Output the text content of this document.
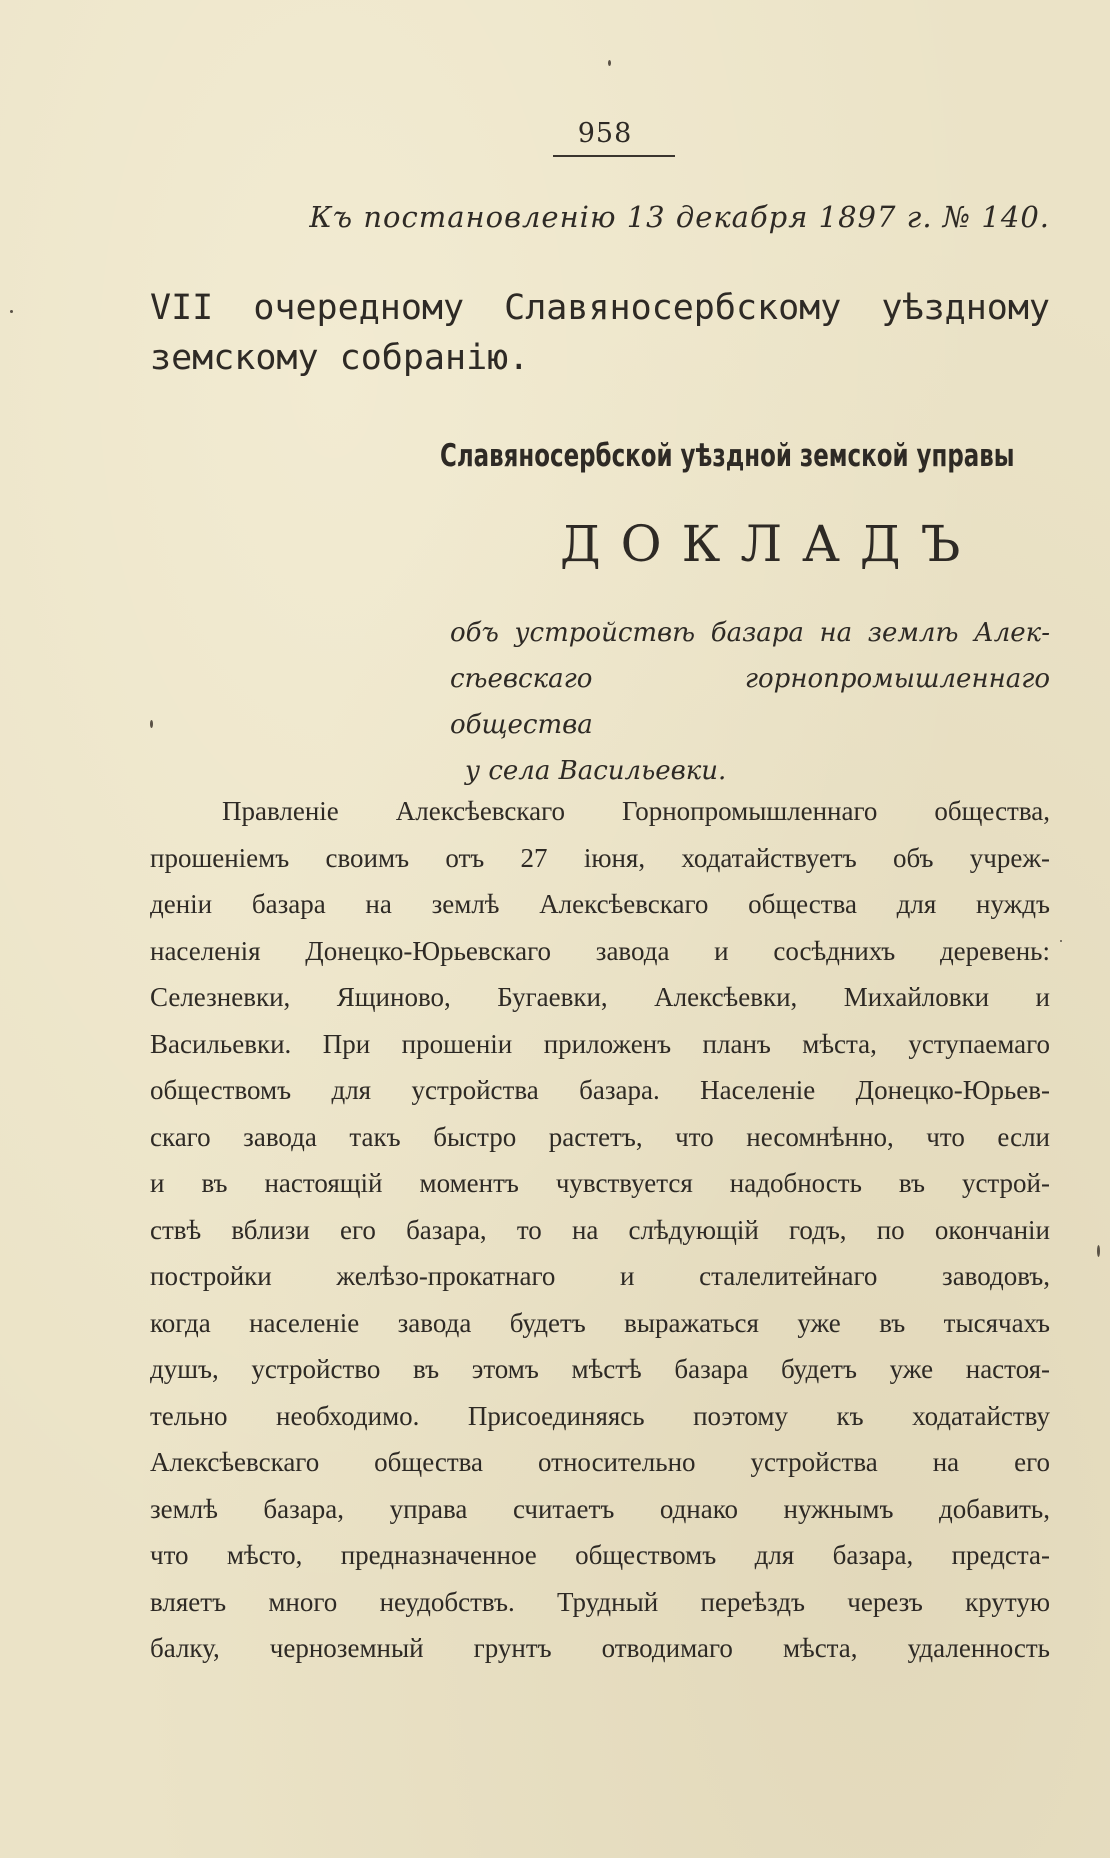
958
Къ постановленію 13 декабря 1897 г. № 140.
VII очередному Славяносербскому уѣздному
земскому собранію.
Славяносербской уѣздной земской управы
ДОКЛАДЪ
объ устройствѣ базара на землѣ Алек-
сѣевскаго горнопромышленнаго общества
у села Васильевки.
Правленіе Алексѣевскаго Горнопромышленнаго общества,
прошеніемъ своимъ отъ 27 іюня, ходатайствуетъ объ учреж-
деніи базара на землѣ Алексѣевскаго общества для нуждъ
населенія Донецко-Юрьевскаго завода и сосѣднихъ деревень:
Селезневки, Ящиново, Бугаевки, Алексѣевки, Михайловки и
Васильевки. При прошеніи приложенъ планъ мѣста, уступаемаго
обществомъ для устройства базара. Населеніе Донецко-Юрьев-
скаго завода такъ быстро растетъ, что несомнѣнно, что если
и въ настоящій моментъ чувствуется надобность въ устрой-
ствѣ вблизи его базара, то на слѣдующій годъ, по окончаніи
постройки желѣзо-прокатнаго и сталелитейнаго заводовъ,
когда населеніе завода будетъ выражаться уже въ тысячахъ
душъ, устройство въ этомъ мѣстѣ базара будетъ уже настоя-
тельно необходимо. Присоединяясь поэтому къ ходатайству
Алексѣевскаго общества относительно устройства на его
землѣ базара, управа считаетъ однако нужнымъ добавить,
что мѣсто, предназначенное обществомъ для базара, предста-
вляетъ много неудобствъ. Трудный переѣздъ черезъ крутую
балку, черноземный грунтъ отводимаго мѣста, удаленность
